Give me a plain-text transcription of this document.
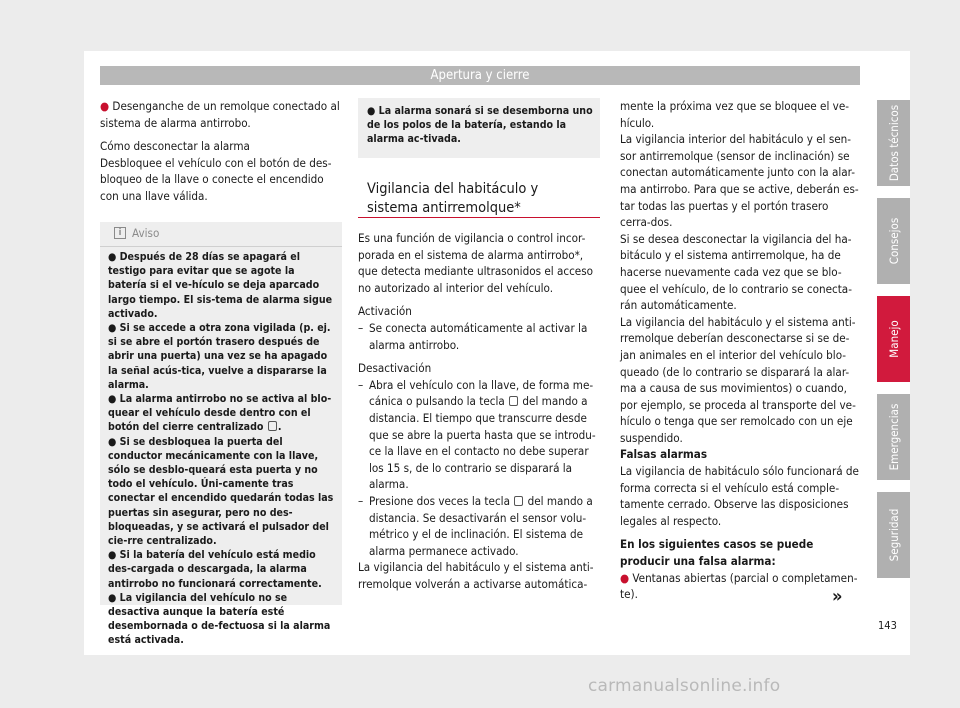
Apertura y cierre

● Desenganche de un remolque conectado al sistema de alarma antirrobo.

Cómo desconectar la alarma

Desbloquee el vehículo con el botón de des-bloqueo de la llave o conecte el encendido con una llave válida.

i Aviso

● Después de 28 días se apagará el testigo para evitar que se agote la batería si el ve-hículo se deja aparcado largo tiempo. El sis-tema de alarma sigue activado.

● Si se accede a otra zona vigilada (p. ej. si se abre el portón trasero después de abrir una puerta) una vez se ha apagado la señal acús-tica, vuelve a dispararse la alarma.

● La alarma antirrobo no se activa al blo-quear el vehículo desde dentro con el botón del cierre centralizado .

● Si se desbloquea la puerta del conductor mecánicamente con la llave, sólo se desblo-queará esta puerta y no todo el vehículo. Úni-camente tras conectar el encendido quedarán todas las puertas sin asegurar, pero no des-bloqueadas, y se activará el pulsador del cie-rre centralizado.

● Si la batería del vehículo está medio des-cargada o descargada, la alarma antirrobo no funcionará correctamente.

● La vigilancia del vehículo no se desactiva aunque la batería esté desembornada o de-fectuosa si la alarma está activada.

● La alarma sonará si se desemborna uno de los polos de la batería, estando la alarma ac-tivada.

Vigilancia del habitáculo y sistema antirremolque*

Es una función de vigilancia o control incor-porada en el sistema de alarma antirrobo*, que detecta mediante ultrasonidos el acceso no autorizado al interior del vehículo.

Activación

– Se conecta automáticamente al activar la alarma antirrobo.

Desactivación

– Abra el vehículo con la llave, de forma me-cánica o pulsando la tecla del mando a distancia. El tiempo que transcurre desde que se abre la puerta hasta que se introdu-ce la llave en el contacto no debe superar los 15 s, de lo contrario se disparará la alarma.
– Presione dos veces la tecla del mando a distancia. Se desactivarán el sensor volu-métrico y el de inclinación. El sistema de alarma permanece activado.

La vigilancia del habitáculo y el sistema anti-rremolque volverán a activarse automática-

mente la próxima vez que se bloquee el ve-hículo.

La vigilancia interior del habitáculo y el sen-sor antirremolque (sensor de inclinación) se conectan automáticamente junto con la alar-ma antirrobo. Para que se active, deberán es-tar todas las puertas y el portón trasero cerra-dos.

Si se desea desconectar la vigilancia del ha-bitáculo y el sistema antirremolque, ha de hacerse nuevamente cada vez que se blo-quee el vehículo, de lo contrario se conecta-rán automáticamente.

La vigilancia del habitáculo y el sistema anti-rremolque deberían desconectarse si se de-jan animales en el interior del vehículo blo-queado (de lo contrario se disparará la alar-ma a causa de sus movimientos) o cuando, por ejemplo, se proceda al transporte del ve-hículo o tenga que ser remolcado con un eje suspendido.

Falsas alarmas

La vigilancia de habitáculo sólo funcionará de forma correcta si el vehículo está comple-tamente cerrado. Observe las disposiciones legales al respecto.

En los siguientes casos se puede producir una falsa alarma:

● Ventanas abiertas (parcial o completamen-te).	»
Datos técnicos
Consejos
Manejo
Emergencias
Seguridad
143
carmanualsonline.info
